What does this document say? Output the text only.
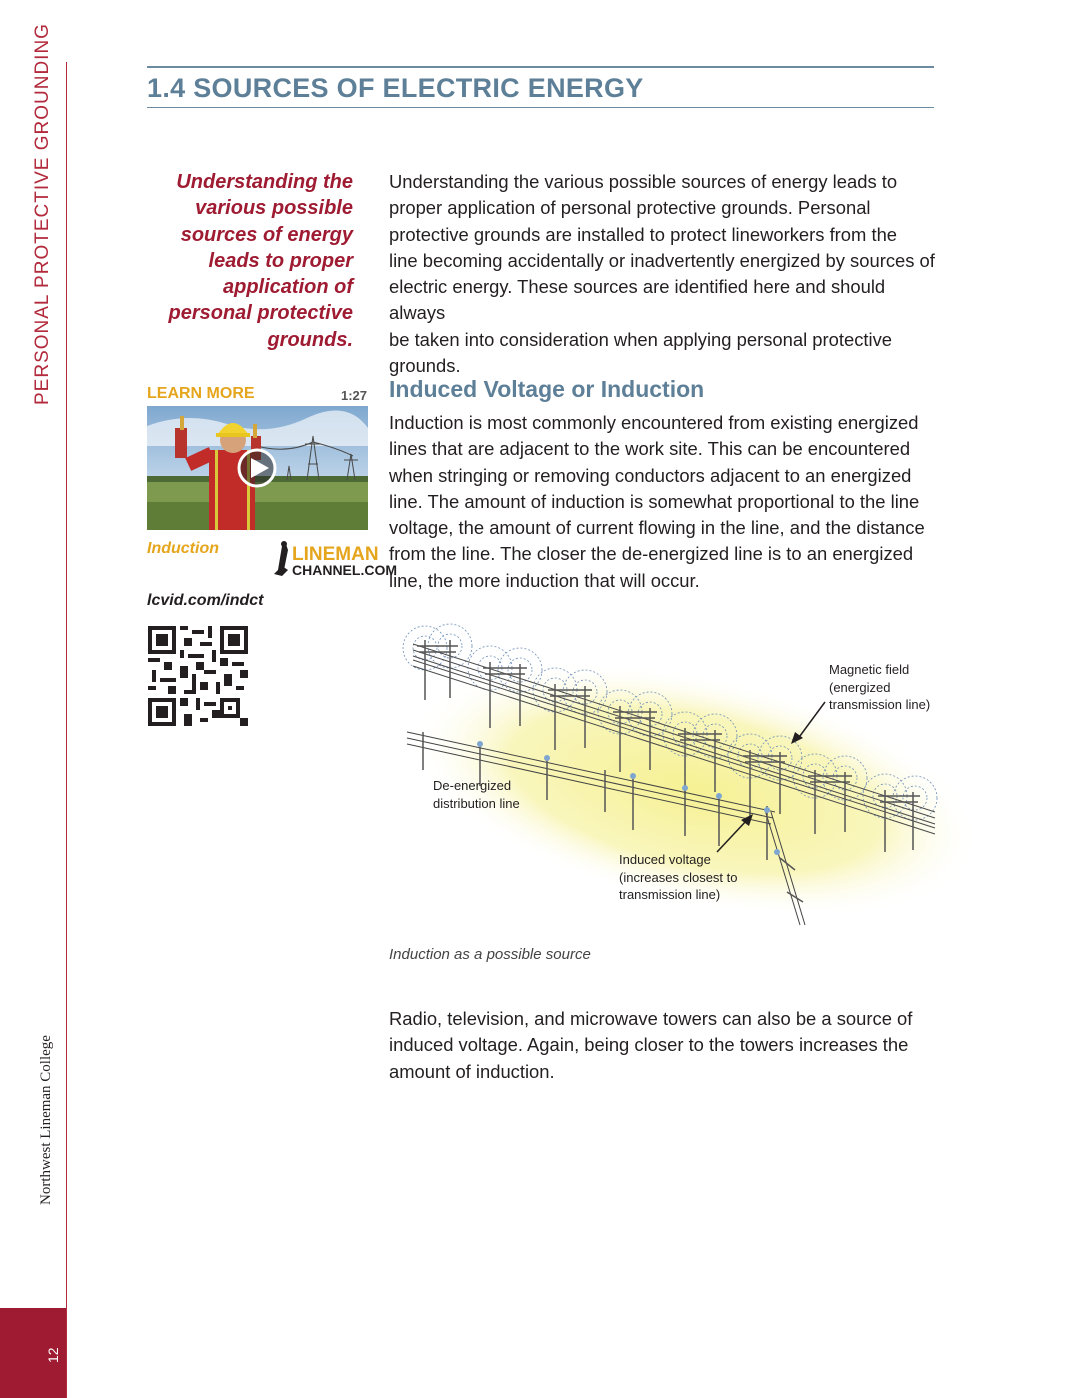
PERSONAL PROTECTIVE GROUNDING
Northwest Lineman College
12
1.4 SOURCES OF ELECTRIC ENERGY

Understanding the
various possible
sources of energy
leads to proper
application of
personal protective
grounds.

Understanding the various possible sources of energy leads to
proper application of personal protective grounds. Personal
protective grounds are installed to protect lineworkers from the
line becoming accidentally or inadvertently energized by sources of
electric energy. These sources are identified here and should always
be taken into consideration when applying personal protective
grounds.

Induced Voltage or Induction

Induction is most commonly encountered from existing energized
lines that are adjacent to the work site. This can be encountered
when stringing or removing conductors adjacent to an energized
line. The amount of induction is somewhat proportional to the line
voltage, the amount of current flowing in the line, and the distance
from the line. The closer the de-energized line is to an energized
line, the more induction that will occur.

LEARN MORE	1:27
Induction	LINEMAN
CHANNEL.COM
lcvid.com/indct
Magnetic field
(energized
transmission line)
De-energized
distribution line
Induced voltage
(increases closest to
transmission line)

Induction as a possible source

Radio, television, and microwave towers can also be a source of
induced voltage. Again, being closer to the towers increases the
amount of induction.
